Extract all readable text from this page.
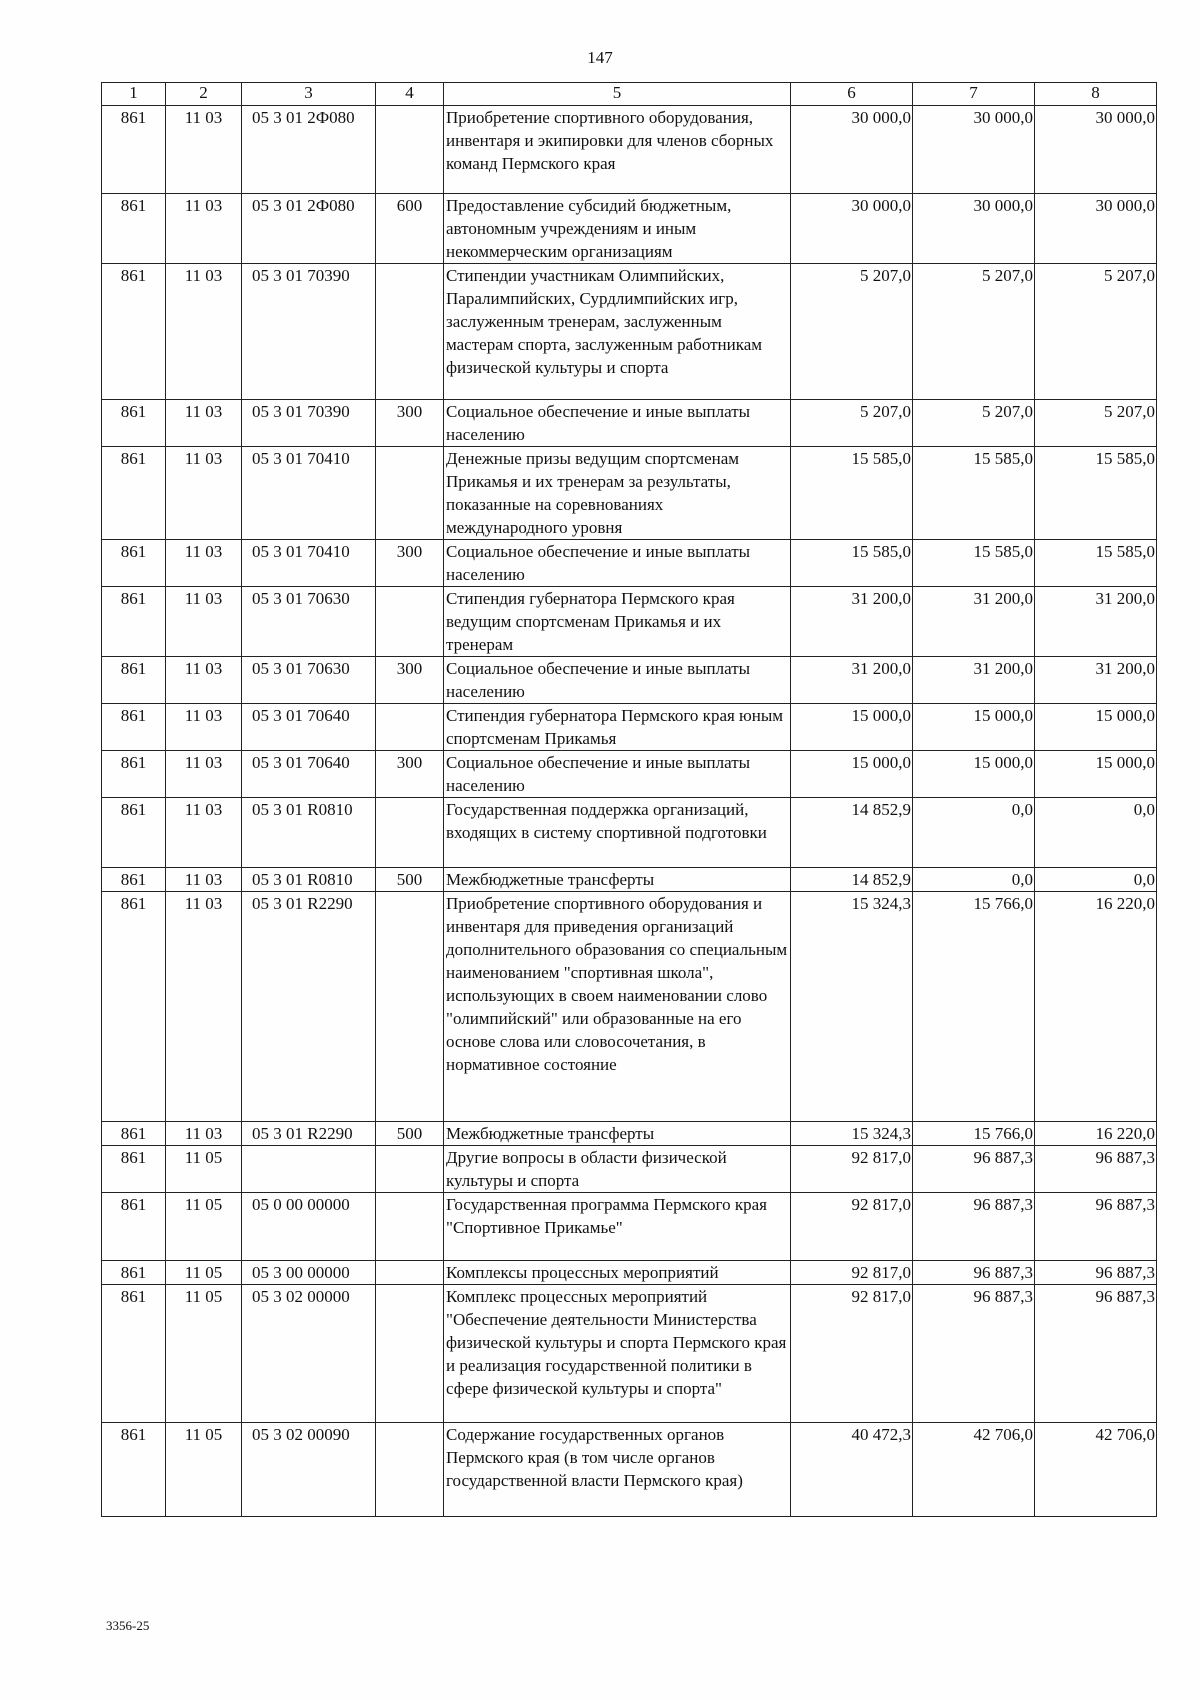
147
1	2	3	4	5	6	7	8
861	11 03	05 3 01 2Ф080		Приобретение спортивного оборудования, инвентаря и экипировки для членов сборных команд Пермского края	30 000,0	30 000,0	30 000,0
861	11 03	05 3 01 2Ф080	600	Предоставление субсидий бюджетным, автономным учреждениям и иным некоммерческим организациям	30 000,0	30 000,0	30 000,0
861	11 03	05 3 01 70390		Стипендии участникам Олимпийских, Паралимпийских, Сурдлимпийских игр, заслуженным тренерам, заслуженным мастерам спорта, заслуженным работникам физической культуры и спорта	5 207,0	5 207,0	5 207,0
861	11 03	05 3 01 70390	300	Социальное обеспечение и иные выплаты населению	5 207,0	5 207,0	5 207,0
861	11 03	05 3 01 70410		Денежные призы ведущим спортсменам Прикамья и их тренерам за результаты, показанные на соревнованиях международного уровня	15 585,0	15 585,0	15 585,0
861	11 03	05 3 01 70410	300	Социальное обеспечение и иные выплаты населению	15 585,0	15 585,0	15 585,0
861	11 03	05 3 01 70630		Стипендия губернатора Пермского края ведущим спортсменам Прикамья и их тренерам	31 200,0	31 200,0	31 200,0
861	11 03	05 3 01 70630	300	Социальное обеспечение и иные выплаты населению	31 200,0	31 200,0	31 200,0
861	11 03	05 3 01 70640		Стипендия губернатора Пермского края юным спортсменам Прикамья	15 000,0	15 000,0	15 000,0
861	11 03	05 3 01 70640	300	Социальное обеспечение и иные выплаты населению	15 000,0	15 000,0	15 000,0
861	11 03	05 3 01 R0810		Государственная поддержка организаций, входящих в систему спортивной подготовки	14 852,9	0,0	0,0
861	11 03	05 3 01 R0810	500	Межбюджетные трансферты	14 852,9	0,0	0,0
861	11 03	05 3 01 R2290		Приобретение спортивного оборудования и инвентаря для приведения организаций дополнительного образования со специальным наименованием "спортивная школа", использующих в своем наименовании слово "олимпийский" или образованные на его основе слова или словосочетания, в нормативное состояние	15 324,3	15 766,0	16 220,0
861	11 03	05 3 01 R2290	500	Межбюджетные трансферты	15 324,3	15 766,0	16 220,0
861	11 05			Другие вопросы в области физической культуры и спорта	92 817,0	96 887,3	96 887,3
861	11 05	05 0 00 00000		Государственная программа Пермского края "Спортивное Прикамье"	92 817,0	96 887,3	96 887,3
861	11 05	05 3 00 00000		Комплексы процессных мероприятий	92 817,0	96 887,3	96 887,3
861	11 05	05 3 02 00000		Комплекс процессных мероприятий "Обеспечение деятельности Министерства физической культуры и спорта Пермского края и реализация государственной политики в сфере физической культуры и спорта"	92 817,0	96 887,3	96 887,3
861	11 05	05 3 02 00090		Содержание государственных органов Пермского края (в том числе органов государственной власти Пермского края)	40 472,3	42 706,0	42 706,0
3356-25
